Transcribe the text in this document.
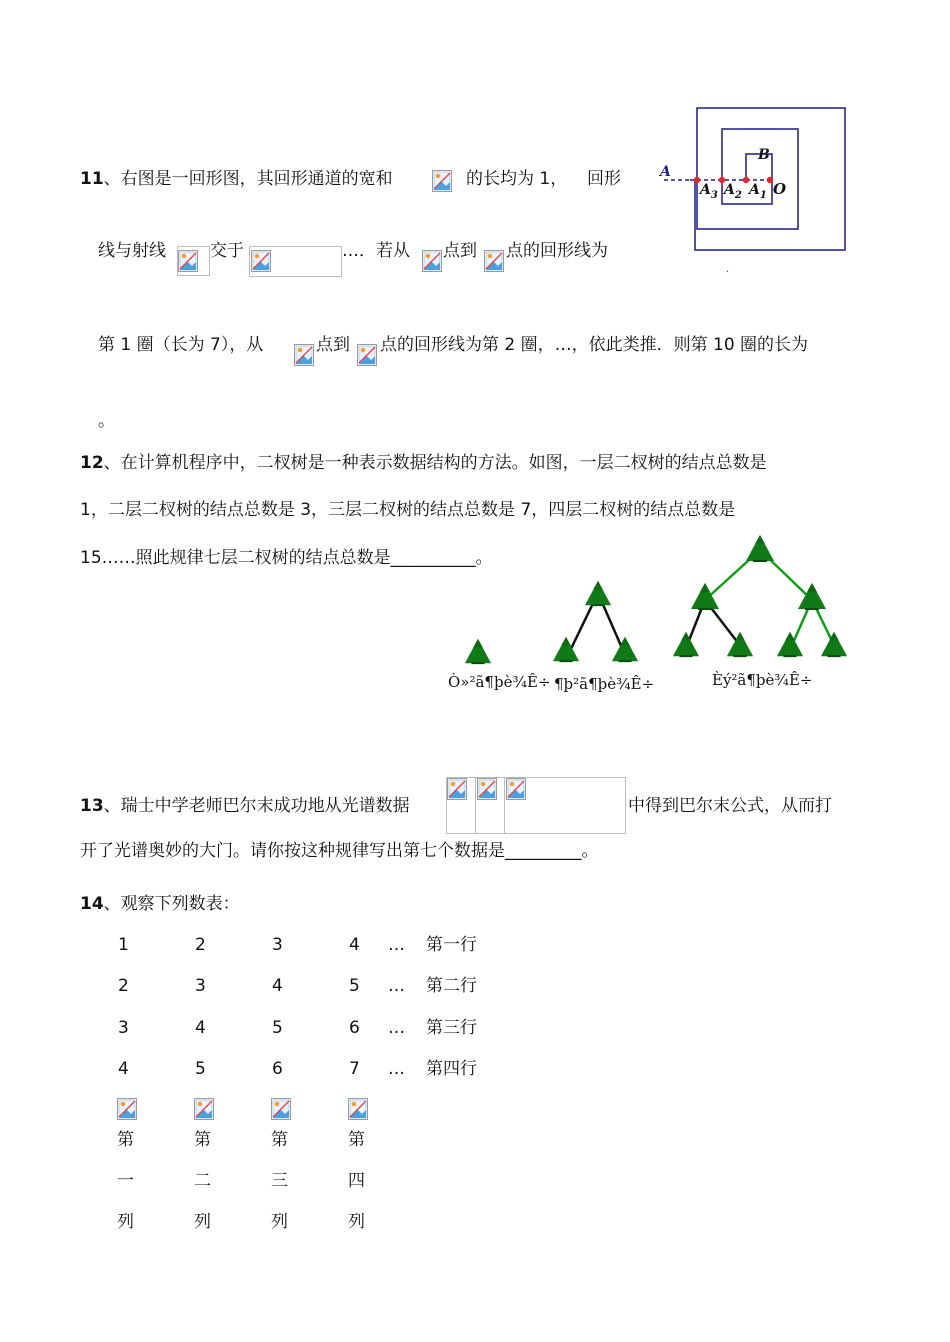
11、右图是一回形图，其回形通道的宽和	的长均为 1， 回形
线与射线	交于	…．若从 点到 点的回形线为
第 1 圈（长为 7），从	点到 点的回形线为第 2 圈，…，依此类推．则第 10 圈的长为
。
A
B
O
$A_3$ $A_2$ $A_1$
.
12、在计算机程序中，二杈树是一种表示数据结构的方法。如图，一层二杈树的结点总数是
1，二层二杈树的结点总数是 3，三层二杈树的结点总数是 7，四层二杈树的结点总数是
15……照此规律七层二杈树的结点总数是__________。
Ò»²ã¶þè¾Ê÷ ¶þ²ã¶þè¾Ê÷	Èý²ã¶þè¾Ê÷
13、瑞士中学老师巴尔末成功地从光谱数据	中得到巴尔末公式，从而打
开了光谱奥妙的大门。请你按这种规律写出第七个数据是_________。
14、观察下列数表：
1	2	3	4 … 第一行
2	3	4	5 … 第二行
3	4	5	6 … 第三行
4	5	6	7 … 第四行
第
一
列
第
二
列
第
三
列
第
四
列
